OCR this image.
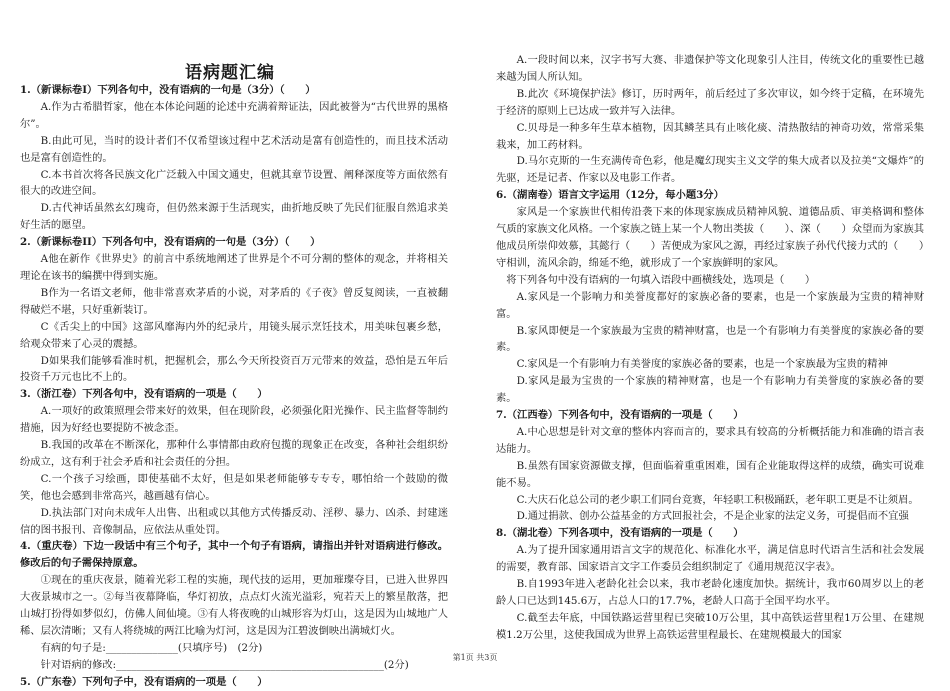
语病题汇编

1.（新课标卷Ⅰ）下列各句中，没有语病的一句是（3分）（　　）

A.作为古希腊哲家，他在本体论问题的论述中充满着辩证法，因此被誉为“古代世界的黑格尔”。

B.由此可见，当时的设计者们不仅希望该过程中艺术活动是富有创造性的，而且技术活动也是富有创造性的。

C.本书首次将各民族文化广泛载入中国文通史，但就其章节设置、阐释深度等方面依然有很大的改进空间。

D.古代神话虽然玄幻瑰奇，但仍然来源于生活现实，曲折地反映了先民们征服自然追求美好生活的愿望。

2.（新课标卷II）下列各句中，没有语病的一句是（3分）（　　）

A他在新作《世界史》的前言中系统地阐述了世界是个不可分割的整体的观念，并将相关理论在该书的编撰中得到实施。

B作为一名语文老师，他非常喜欢茅盾的小说，对茅盾的《子夜》曾反复阅读，一直被翻得破烂不堪，只好重新装订。

C《舌尖上的中国》这部风靡海内外的纪录片，用镜头展示烹饪技术，用美味包裹乡愁，给观众带来了心灵的震撼。

D如果我们能够看准时机，把握机会，那么今天所投资百万元带来的效益，恐怕是五年后投资千万元也比不上的。

3.（浙江卷）下列各句中，没有语病的一项是（　　）

A.一项好的政策照理会带来好的效果，但在现阶段，必须强化阳光操作、民主监督等制约措施，因为好经也要提防不被念歪。

B.我国的改革在不断深化，那种什么事情都由政府包揽的现象正在改变，各种社会组织纷纷成立，这有利于社会矛盾和社会责任的分担。

C.一个孩子习绘画，即使基础不太好，但是如果老师能够专专专，哪怕给一个鼓励的微笑，他也会感到非常高兴，越画越有信心。

D.执法部门对向未成年人出售、出租或以其他方式传播反动、淫秽、暴力、凶杀、封建迷信的图书报刊、音像制品，应依法从重处罚。

4.（重庆卷）下边一段话中有三个句子，其中一个句子有语病，请指出并针对语病进行修改。修改后的句子需保持原意。

①现在的重庆夜景，随着光彩工程的实施，现代技的运用，更加璀璨夺目，已进入世界四大夜景城市之一。②每当夜幕降临，华灯初放，点点灯火流光溢彩，宛若天上的繁星散落，把山城打扮得如梦似幻，仿佛人间仙境。③有人将夜晚的山城形容为灯山，这是因为山城地广人稀、层次清晰；又有人将绕城的两江比喻为灯河，这是因为江碧波倒映出满城灯火。

有病的句子是:______________(只填序号)　(2分)

针对语病的修改:____________________________________________________(2分)

5.（广东卷）下列句子中，没有语病的一项是（　　）

A.一段时间以来，汉字书写大赛、非遗保护等文化现象引人注目，传统文化的重要性已越来越为国人所认知。

B.此次《环境保护法》修订，历时两年，前后经过了多次审议，如今终于定稿，在环境先于经济的原则上已达成一致并写入法律。

C.贝母是一种多年生草本植物，因其鳞茎具有止咳化痰、清热散结的神奇功效，常常采集栽来，加工药材料。

D.马尔克斯的一生充满传奇色彩，他是魔幻现实主义文学的集大成者以及拉美“文爆炸”的先驱，还是记者、作家以及电影工作者。

6.（湖南卷）语言文字运用（12分，每小题3分）

家风是一个家族世代相传沿袭下来的体现家族成员精神风貌、道德品质、审美格调和整体气质的家族文化风格。一个家族之链上某一个人物出类拔（　　）、深（　　）众望而为家族其他成员所崇仰效慕，其懿行（　　）苦便成为家风之源，再经过家族子孙代代接力式的（　　）守相训，流风余韵，绵延不绝，就形成了一个家族鲜明的家风。

将下列各句中没有语病的一句填入语段中画横线处，选项是（　　）

A.家风是一个影响力和美誉度都好的家族必备的要素，也是一个家族最为宝贵的精神财富。

B.家风即便是一个家族最为宝贵的精神财富，也是一个有影响力有美誉度的家族必备的要素。

C.家风是一个有影响力有美誉度的家族必备的要素，也是一个家族最为宝贵的精神

D.家风是最为宝贵的一个家族的精神财富，也是一个有影响力有美誉度的家族必备的要素。

7.（江西卷）下列各句中，没有语病的一项是（　　）

A.中心思想是针对文章的整体内容而言的，要求具有较高的分析概括能力和准确的语言表达能力。

B.虽然有国家资源做支撑，但面临着重重困难，国有企业能取得这样的成绩，确实可说难能不易。

C.大庆石化总公司的老少职工们同台竞赛，年轻职工积极踊跃，老年职工更是不让须眉。

D.通过捐款、创办公益基金的方式回报社会，不是企业家的法定义务，可提倡而不宜强

8.（湖北卷）下列各项中，没有语病的一项是（　　）

A.为了提升国家通用语言文字的规范化、标准化水平，满足信息时代语言生活和社会发展的需要，教育部、国家语言文字工作委员会组织制定了《通用规范汉字表》。

B.自1993年进入老龄化社会以来，我市老龄化速度加快。据统计，我市60周岁以上的老龄人口已达到145.6万，占总人口的17.7%，老龄人口高于全国平均水平。

C.截至去年底，中国铁路运营里程已突破10万公里，其中高铁运营里程1万公里、在建规模1.2万公里，这使我国成为世界上高铁运营里程最长、在建规模最大的国家

第1页 共3页
